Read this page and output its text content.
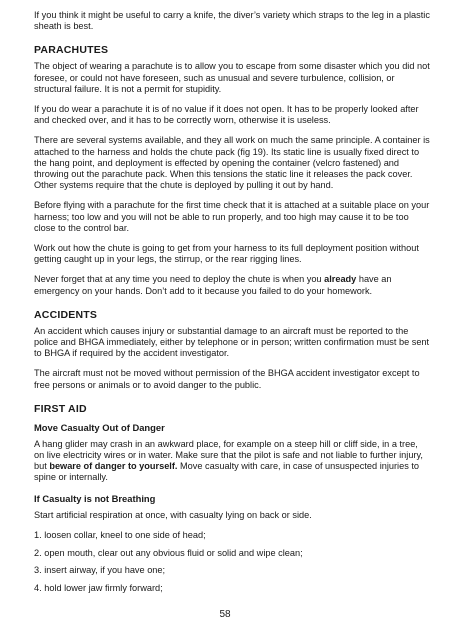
If you think it might be useful to carry a knife, the diver’s variety which straps to the leg in a plastic sheath is best.

PARACHUTES

The object of wearing a parachute is to allow you to escape from some disaster which you did not foresee, or could not have foreseen, such as unusual and severe turbulence, collision, or structural failure. It is not a permit for stupidity.

If you do wear a parachute it is of no value if it does not open. It has to be properly looked after and checked over, and it has to be correctly worn, otherwise it is useless.

There are several systems available, and they all work on much the same principle. A container is attached to the harness and holds the chute pack (fig 19). Its static line is usually fixed direct to the hang point, and deployment is effected by opening the container (velcro fastened) and throwing out the parachute pack. When this tensions the static line it releases the pack cover. Other systems require that the chute is deployed by pulling it out by hand.

Before flying with a parachute for the first time check that it is attached at a suitable place on your harness; too low and you will not be able to run properly, and too high may cause it to be too close to the control bar.

Work out how the chute is going to get from your harness to its full deployment position without getting caught up in your legs, the stirrup, or the rear rigging lines.

Never forget that at any time you need to deploy the chute is when you already have an emergency on your hands. Don’t add to it because you failed to do your homework.

ACCIDENTS

An accident which causes injury or substantial damage to an aircraft must be reported to the police and BHGA immediately, either by telephone or in person; written confirmation must be sent to BHGA if required by the accident investigator.

The aircraft must not be moved without permission of the BHGA accident investigator except to free persons or animals or to avoid danger to the public.

FIRST AID
Move Casualty Out of Danger

A hang glider may crash in an awkward place, for example on a steep hill or cliff side, in a tree, on live electricity wires or in water. Make sure that the pilot is safe and not liable to further injury, but beware of danger to yourself. Move casualty with care, in case of unsuspected injuries to spine or internally.

If Casualty is not Breathing

Start artificial respiration at once, with casualty lying on back or side.

1. loosen collar, kneel to one side of head;
2. open mouth, clear out any obvious fluid or solid and wipe clean;
3. insert airway, if you have one;
4. hold lower jaw firmly forward;
58
